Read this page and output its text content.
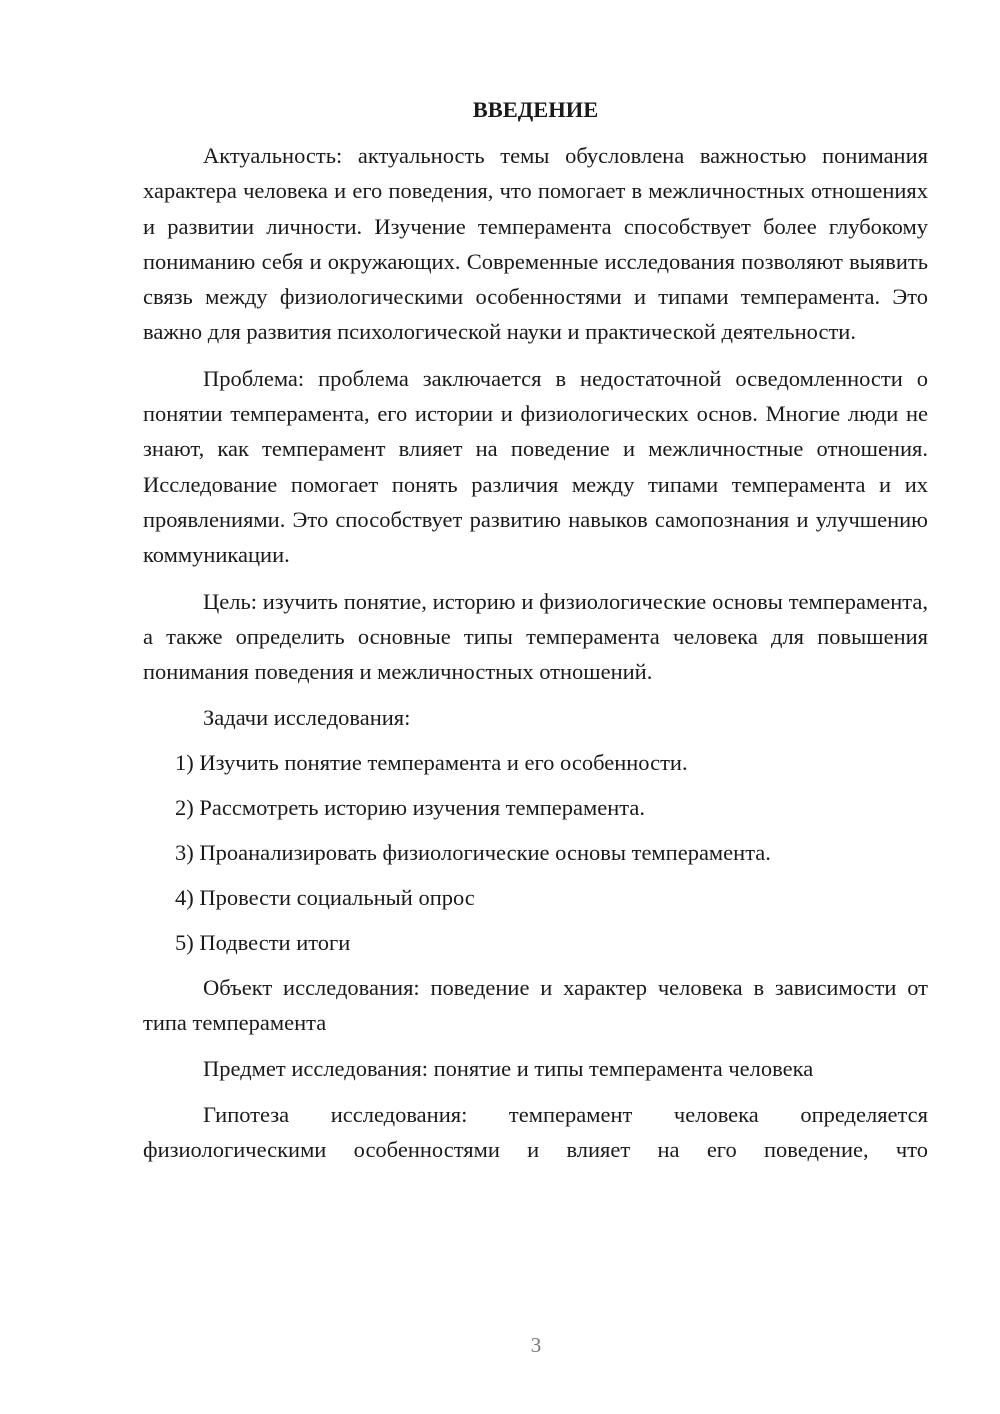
ВВЕДЕНИЕ

Актуальность: актуальность темы обусловлена важностью понимания характера человека и его поведения, что помогает в межличностных отношениях и развитии личности. Изучение темперамента способствует более глубокому пониманию себя и окружающих. Современные исследования позволяют выявить связь между физиологическими особенностями и типами темперамента. Это важно для развития психологической науки и практической деятельности.

Проблема: проблема заключается в недостаточной осведомленности о понятии темперамента, его истории и физиологических основ. Многие люди не знают, как темперамент влияет на поведение и межличностные отношения. Исследование помогает понять различия между типами темперамента и их проявлениями. Это способствует развитию навыков самопознания и улучшению коммуникации.

Цель: изучить понятие, историю и физиологические основы темперамента, а также определить основные типы темперамента человека для повышения понимания поведения и межличностных отношений.

Задачи исследования:
1) Изучить понятие темперамента и его особенности.
2) Рассмотреть историю изучения темперамента.
3) Проанализировать физиологические основы темперамента.
4) Провести социальный опрос
5) Подвести итоги

Объект исследования: поведение и характер человека в зависимости от типа темперамента

Предмет исследования: понятие и типы темперамента человека

Гипотеза исследования: темперамент человека определяется физиологическими особенностями и влияет на его поведение, что

3
